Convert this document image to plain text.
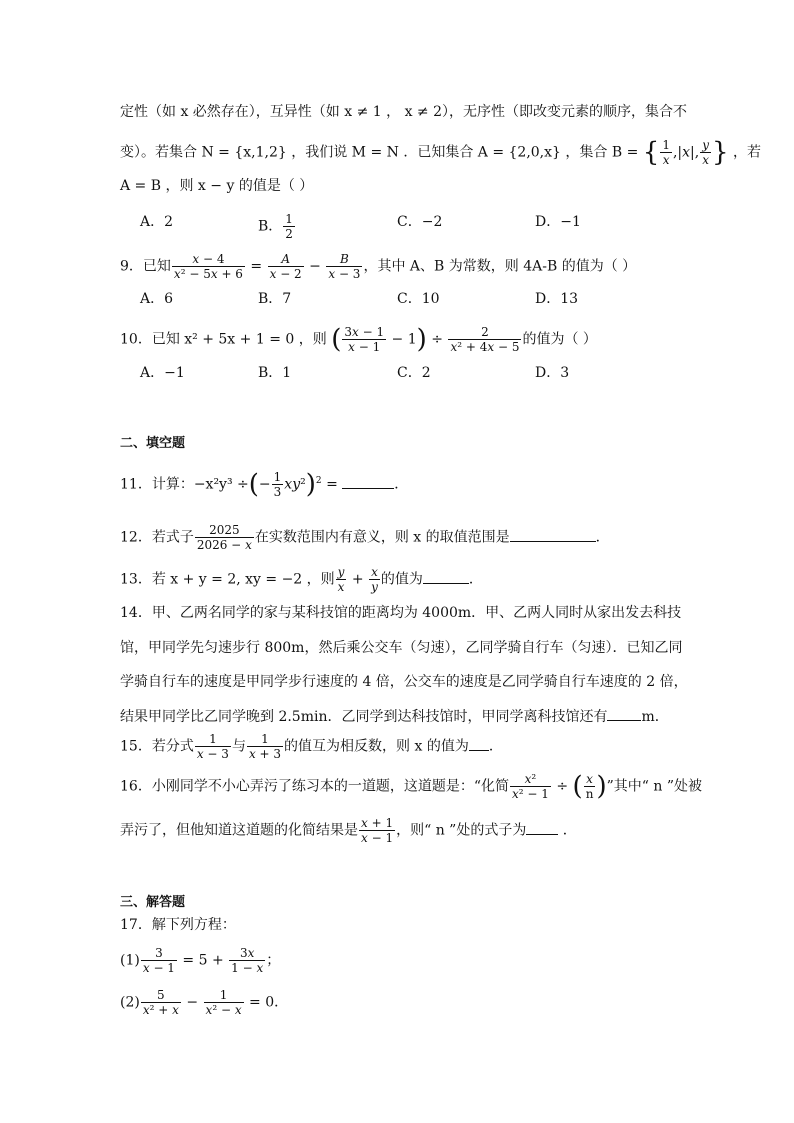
定性（如 x 必然存在），互异性（如 x ≠ 1 ， x ≠ 2），无序性（即改变元素的顺序，集合不
变）。若集合 N = {x,1,2} ，我们说 M = N ．已知集合 A = {2,0,x} ，集合 B = { $\frac{1}{x} ,|x|$, $\frac{y}{x}$ } ，若
A = B ，则 x − y 的值是（ ）
A．2	B． $\frac{1}{2}$	C．−2	D．−1
9．已知 $\frac{x - 4}{\text{x² − 5x + 6}} = \frac{A}{x - 2} - \frac{B}{x - 3}$ ，其中 A、B 为常数，则 4A-B 的值为（ ）
A．6	B．7	C．10	D．13
10．已知 x² + 5x + 1 = 0 ，则 ( $\frac{3x - 1}{x - 1} - 1) \div \frac{2}{\text{x² + 4x − 5}}$ 的值为（ ）
A．−1	B．1	C．2	D．3
二、填空题
11．计算：−x²y³ ÷(− $\frac{1}{3} xy^2)^2$ =	．
12．若式子 $\frac{2025}{2026 - x}$ 在实数范围内有意义，则 x 的取值范围是	．
13．若 x + y = 2, xy = −2 ，则 $\frac{y}{x} + \frac{x}{y}$ 的值为	．
14．甲、乙两名同学的家与某科技馆的距离均为 4000m．甲、乙两人同时从家出发去科技
馆，甲同学先匀速步行 800m，然后乘公交车（匀速），乙同学骑自行车（匀速）．已知乙同
学骑自行车的速度是甲同学步行速度的 4 倍，公交车的速度是乙同学骑自行车速度的 2 倍，
结果甲同学比乙同学晚到 2.5min．乙同学到达科技馆时，甲同学离科技馆还有 m．
15．若分式 $\frac{1}{x - 3}$ 与 $\frac{1}{x + 3}$ 的值互为相反数，则 x 的值为 ．
16．小刚同学不小心弄污了练习本的一道题，这道题是：“化简 $\frac{\text{x²}}{\text{x² − 1}}$ ÷ ( $\frac{x}{n}$ )”其中“ n ”处被
弄污了，但他知道这道题的化简结果是 $\frac{x + 1}{x - 1}$ ，则“ n ”处的式子为	．
三、解答题
17．解下列方程：
$(1) \frac{3}{x - 1} = 5 + \frac{3x}{1 - x}$ ；
$(2) \frac{5}{\text{x² + x}} - \frac{1}{\text{x² − x}} = 0$．
